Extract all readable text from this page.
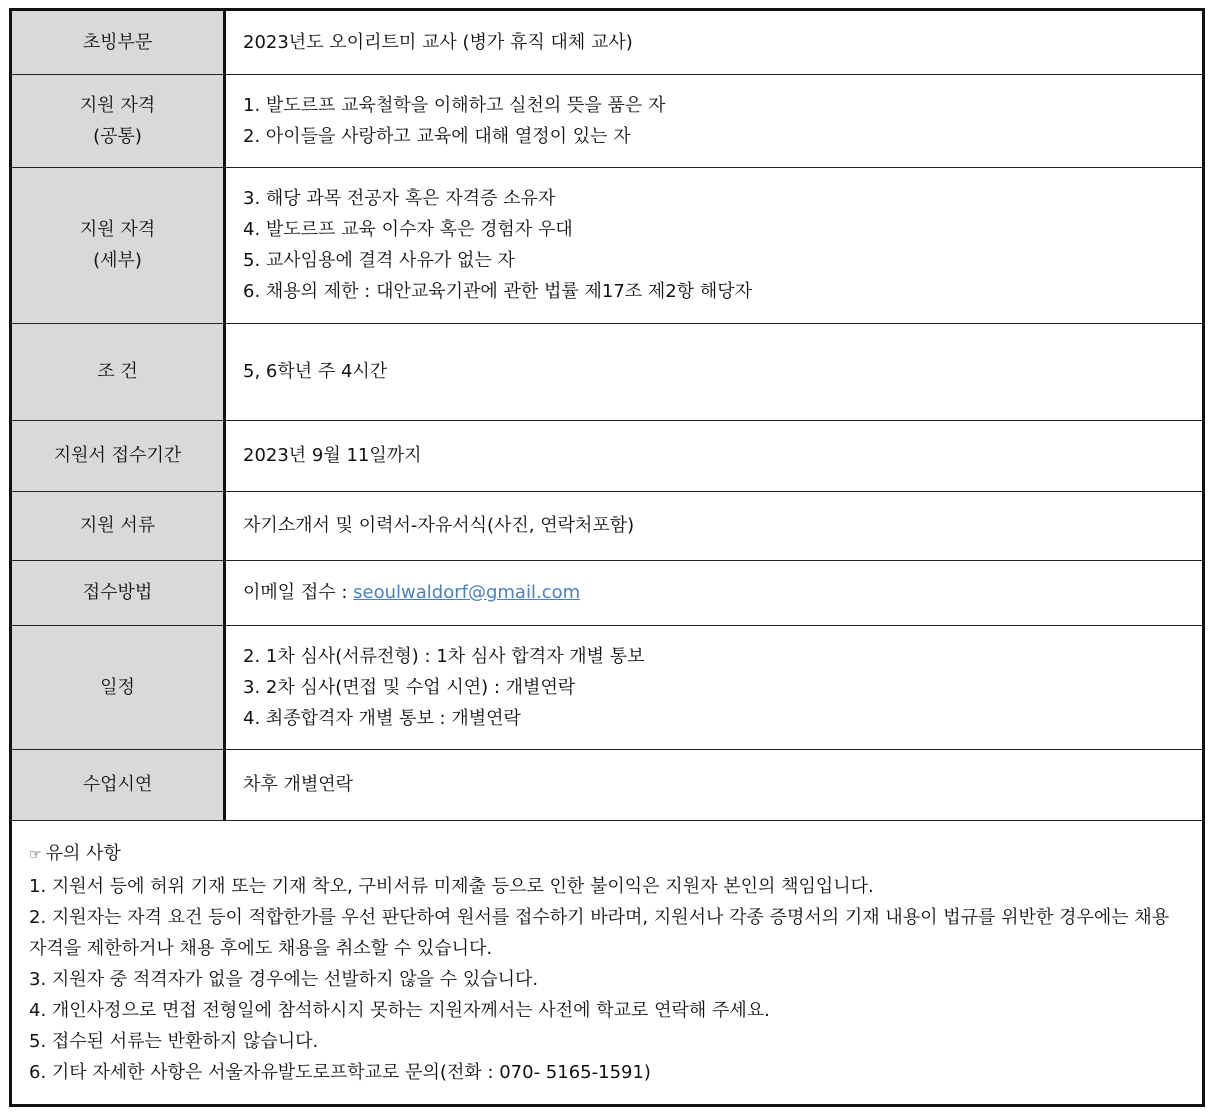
초빙부문	2023년도 오이리트미 교사 (병가 휴직 대체 교사)

지원 자격
(공통)	1. 발도르프 교육철학을 이해하고 실천의 뜻을 품은 자
2. 아이들을 사랑하고 교육에 대해 열정이 있는 자

지원 자격
(세부)	3. 해당 과목 전공자 혹은 자격증 소유자
4. 발도르프 교육 이수자 혹은 경험자 우대
5. 교사임용에 결격 사유가 없는 자
6. 채용의 제한 : 대안교육기관에 관한 법률 제17조 제2항 해당자

조 건	5, 6학년 주 4시간

지원서 접수기간	2023년 9월 11일까지

지원 서류	자기소개서 및 이력서-자유서식(사진, 연락처포함)

접수방법	이메일 접수 : seoulwaldorf@gmail.com

일정	2. 1차 심사(서류전형) : 1차 심사 합격자 개별 통보
3. 2차 심사(면접 및 수업 시연) : 개별연락
4. 최종합격자 개별 통보 : 개별연락

수업시연	차후 개별연락
☞ 유의 사항
1. 지원서 등에 허위 기재 또는 기재 착오, 구비서류 미제출 등으로 인한 불이익은 지원자 본인의 책임입니다.
2. 지원자는 자격 요건 등이 적합한가를 우선 판단하여 원서를 접수하기 바라며, 지원서나 각종 증명서의 기재 내용이 법규를 위반한 경우에는 채용 자격을 제한하거나 채용 후에도 채용을 취소할 수 있습니다.
3. 지원자 중 적격자가 없을 경우에는 선발하지 않을 수 있습니다.
4. 개인사정으로 면접 전형일에 참석하시지 못하는 지원자께서는 사전에 학교로 연락해 주세요.
5. 접수된 서류는 반환하지 않습니다.
6. 기타 자세한 사항은 서울자유발도로프학교로 문의(전화 : 070- 5165-1591)
